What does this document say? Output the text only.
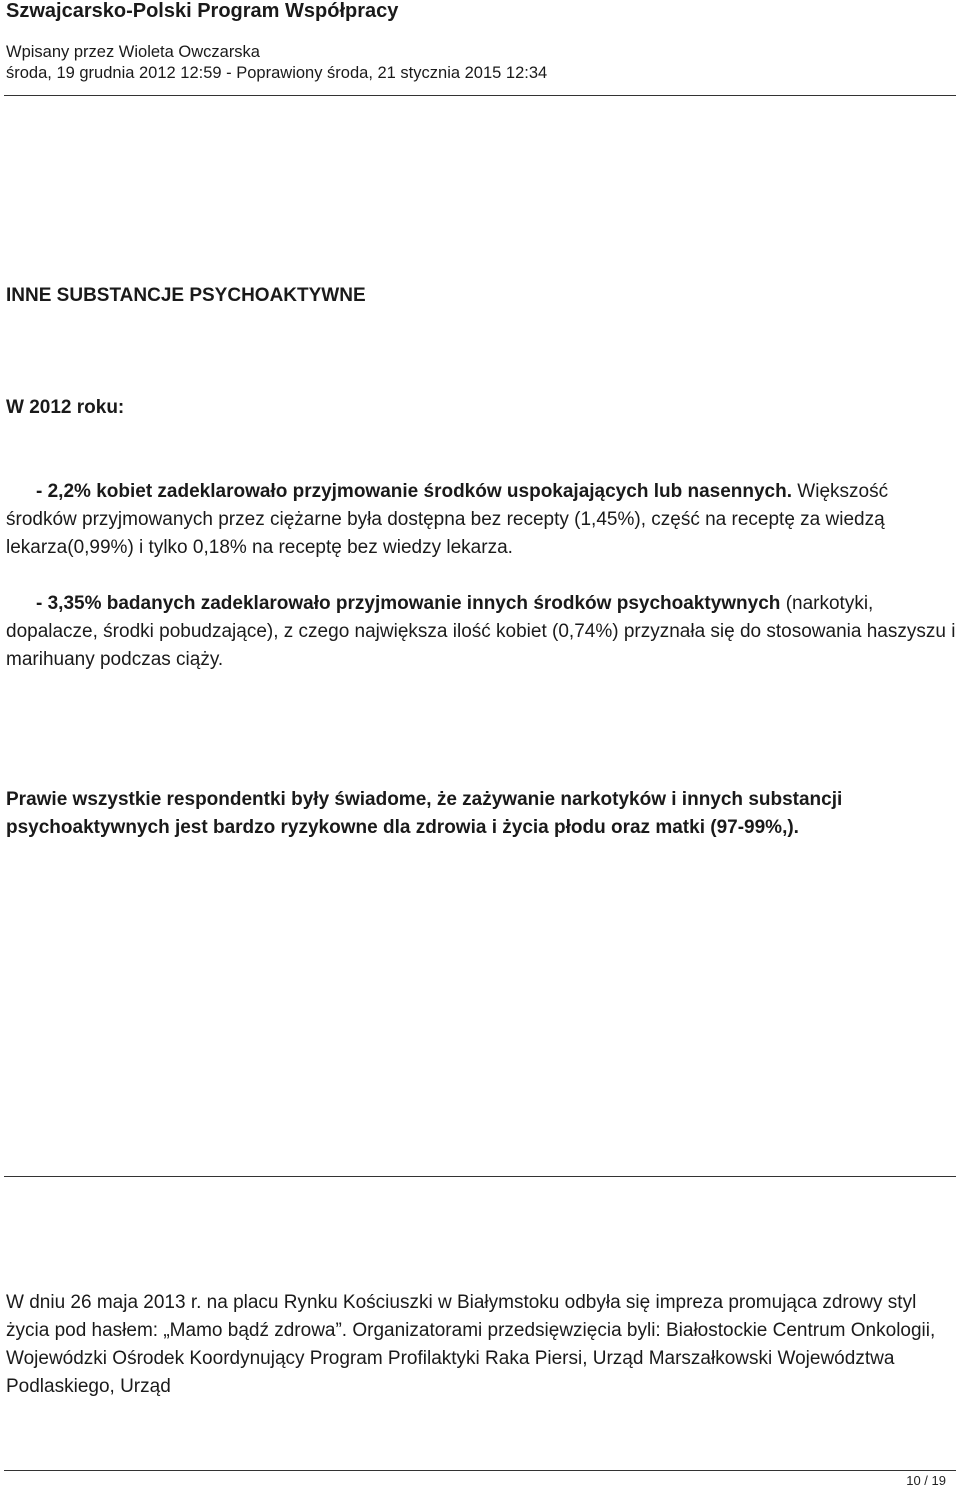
Szwajcarsko-Polski Program Współpracy
Wpisany przez Wioleta Owczarska
środa, 19 grudnia 2012 12:59 - Poprawiony środa, 21 stycznia 2015 12:34
INNE SUBSTANCJE PSYCHOAKTYWNE
W 2012 roku:
- 2,2% kobiet zadeklarowało przyjmowanie środków uspokajających lub nasennych. Większość środków przyjmowanych przez ciężarne była dostępna bez recepty (1,45%), część na receptę za wiedzą lekarza(0,99%) i tylko 0,18% na receptę bez wiedzy lekarza.
- 3,35% badanych zadeklarowało przyjmowanie innych środków psychoaktywnych (narkotyki, dopalacze, środki pobudzające), z czego największa ilość kobiet (0,74%) przyznała się do stosowania haszyszu i marihuany podczas ciąży.
Prawie wszystkie respondentki były świadome, że zażywanie narkotyków i innych substancji psychoaktywnych jest bardzo ryzykowne dla zdrowia i życia płodu oraz matki (97-99%,).
W dniu 26 maja 2013 r. na placu Rynku Kościuszki w Białymstoku odbyła się impreza promująca zdrowy styl życia pod hasłem: „Mamo bądź zdrowa”. Organizatorami przedsięwzięcia byli: Białostockie Centrum Onkologii, Wojewódzki Ośrodek Koordynujący Program Profilaktyki Raka Piersi, Urząd Marszałkowski Województwa Podlaskiego, Urząd
10 / 19
